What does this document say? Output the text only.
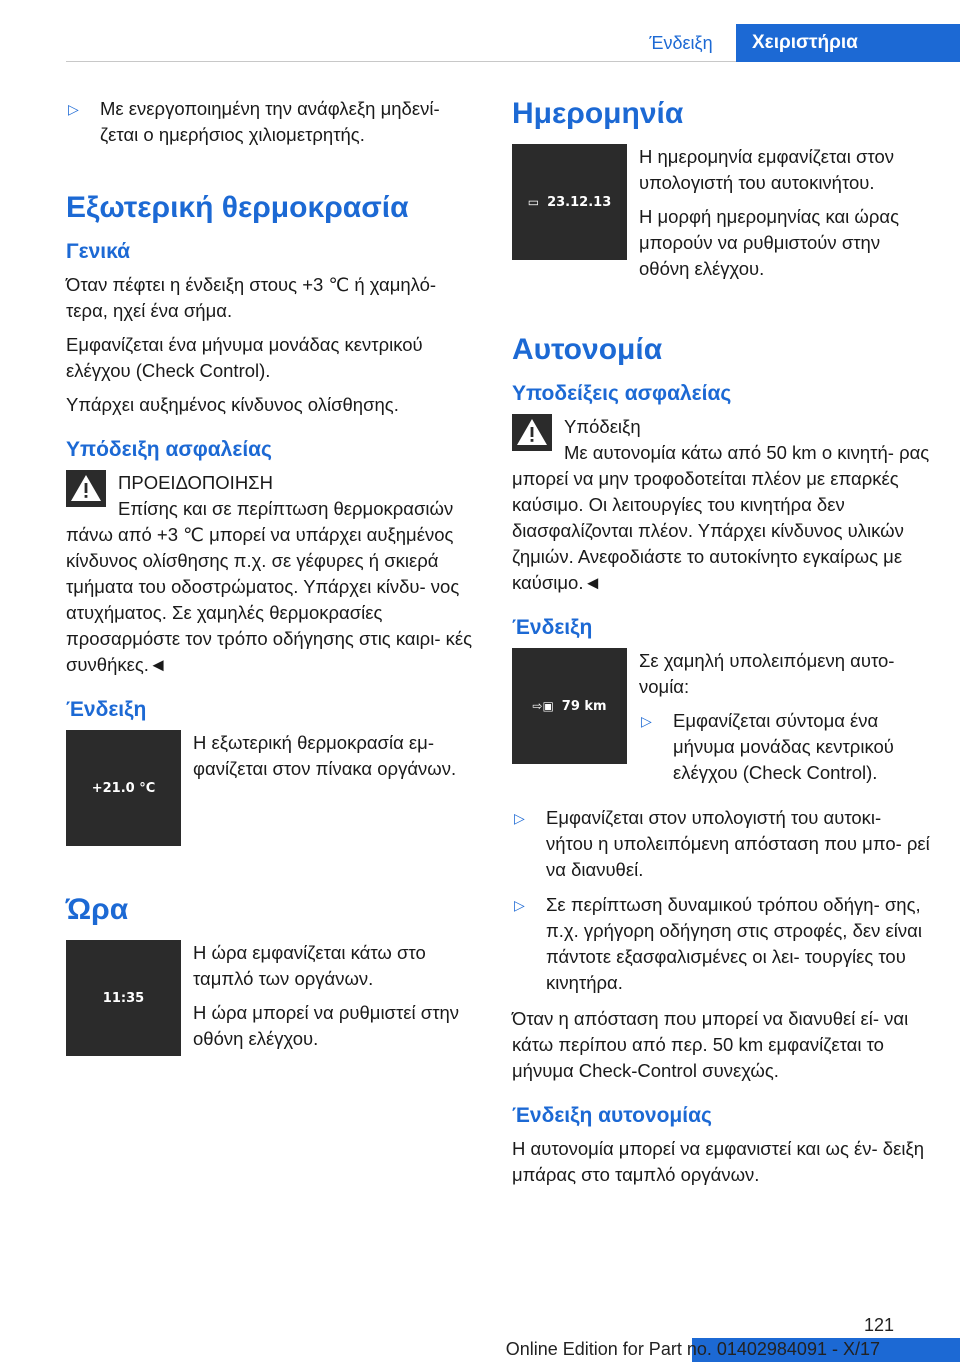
Ένδειξη	Χειριστήρια
▷ Με ενεργοποιημένη την ανάφλεξη μηδενί‐ ζεται ο ημερήσιος χιλιομετρητής.
Εξωτερική θερμοκρασία
Γενικά

Όταν πέφτει η ένδειξη στους +3 ℃ ή χαμηλό‐ τερα, ηχεί ένα σήμα.

Εμφανίζεται ένα μήνυμα μονάδας κεντρικού ελέγχου (Check Control).

Υπάρχει αυξημένος κίνδυνος ολίσθησης.

Υπόδειξη ασφαλείας
ΠΡΟΕΙΔΟΠΟΙΗΣΗ
Επίσης και σε περίπτωση θερμοκρασιών πάνω από +3 ℃ μπορεί να υπάρχει αυξημένος κίνδυνος ολίσθησης π.χ. σε γέφυρες ή σκιερά τμήματα του οδοστρώματος. Υπάρχει κίνδυ‐ νος ατυχήματος. Σε χαμηλές θερμοκρασίες προσαρμόστε τον τρόπο οδήγησης στις καιρι‐ κές συνθήκες.◄
Ένδειξη
+21.0 °C

Η εξωτερική θερμοκρασία εμ‐ φανίζεται στον πίνακα οργάνων.

Ώρα
11:35

Η ώρα εμφανίζεται κάτω στο ταμπλό των οργάνων.

Η ώρα μπορεί να ρυθμιστεί στην οθόνη ελέγχου.

Ημερομηνία
▭ 23.12.13

Η ημερομηνία εμφανίζεται στον υπολογιστή του αυτοκινήτου.

Η μορφή ημερομηνίας και ώρας μπορούν να ρυθμιστούν στην οθόνη ελέγχου.

Αυτονομία
Υποδείξεις ασφαλείας
Υπόδειξη
Με αυτονομία κάτω από 50 km ο κινητή‐ ρας μπορεί να μην τροφοδοτείται πλέον με επαρκές καύσιμο. Οι λειτουργίες του κινητήρα δεν διασφαλίζονται πλέον. Υπάρχει κίνδυνος υλικών ζημιών. Ανεφοδιάστε το αυτοκίνητο εγκαίρως με καύσιμο.◄
Ένδειξη
⇨▣ 79 km

Σε χαμηλή υπολειπόμενη αυτο‐ νομία:

▷ Εμφανίζεται σύντομα ένα μήνυμα μονάδας κεντρικού ελέγχου (Check Control).
▷ Εμφανίζεται στον υπολογιστή του αυτοκι‐ νήτου η υπολειπόμενη απόσταση που μπο‐ ρεί να διανυθεί.
▷ Σε περίπτωση δυναμικού τρόπου οδήγη‐ σης, π.χ. γρήγορη οδήγηση στις στροφές, δεν είναι πάντοτε εξασφαλισμένες οι λει‐ τουργίες του κινητήρα.

Όταν η απόσταση που μπορεί να διανυθεί εί‐ ναι κάτω περίπου από περ. 50 km εμφανίζεται το μήνυμα Check-Control συνεχώς.

Ένδειξη αυτονομίας

Η αυτονομία μπορεί να εμφανιστεί και ως έν‐ δειξη μπάρας στο ταμπλό οργάνων.

121
Online Edition for Part no. 01402984091 - X/17
